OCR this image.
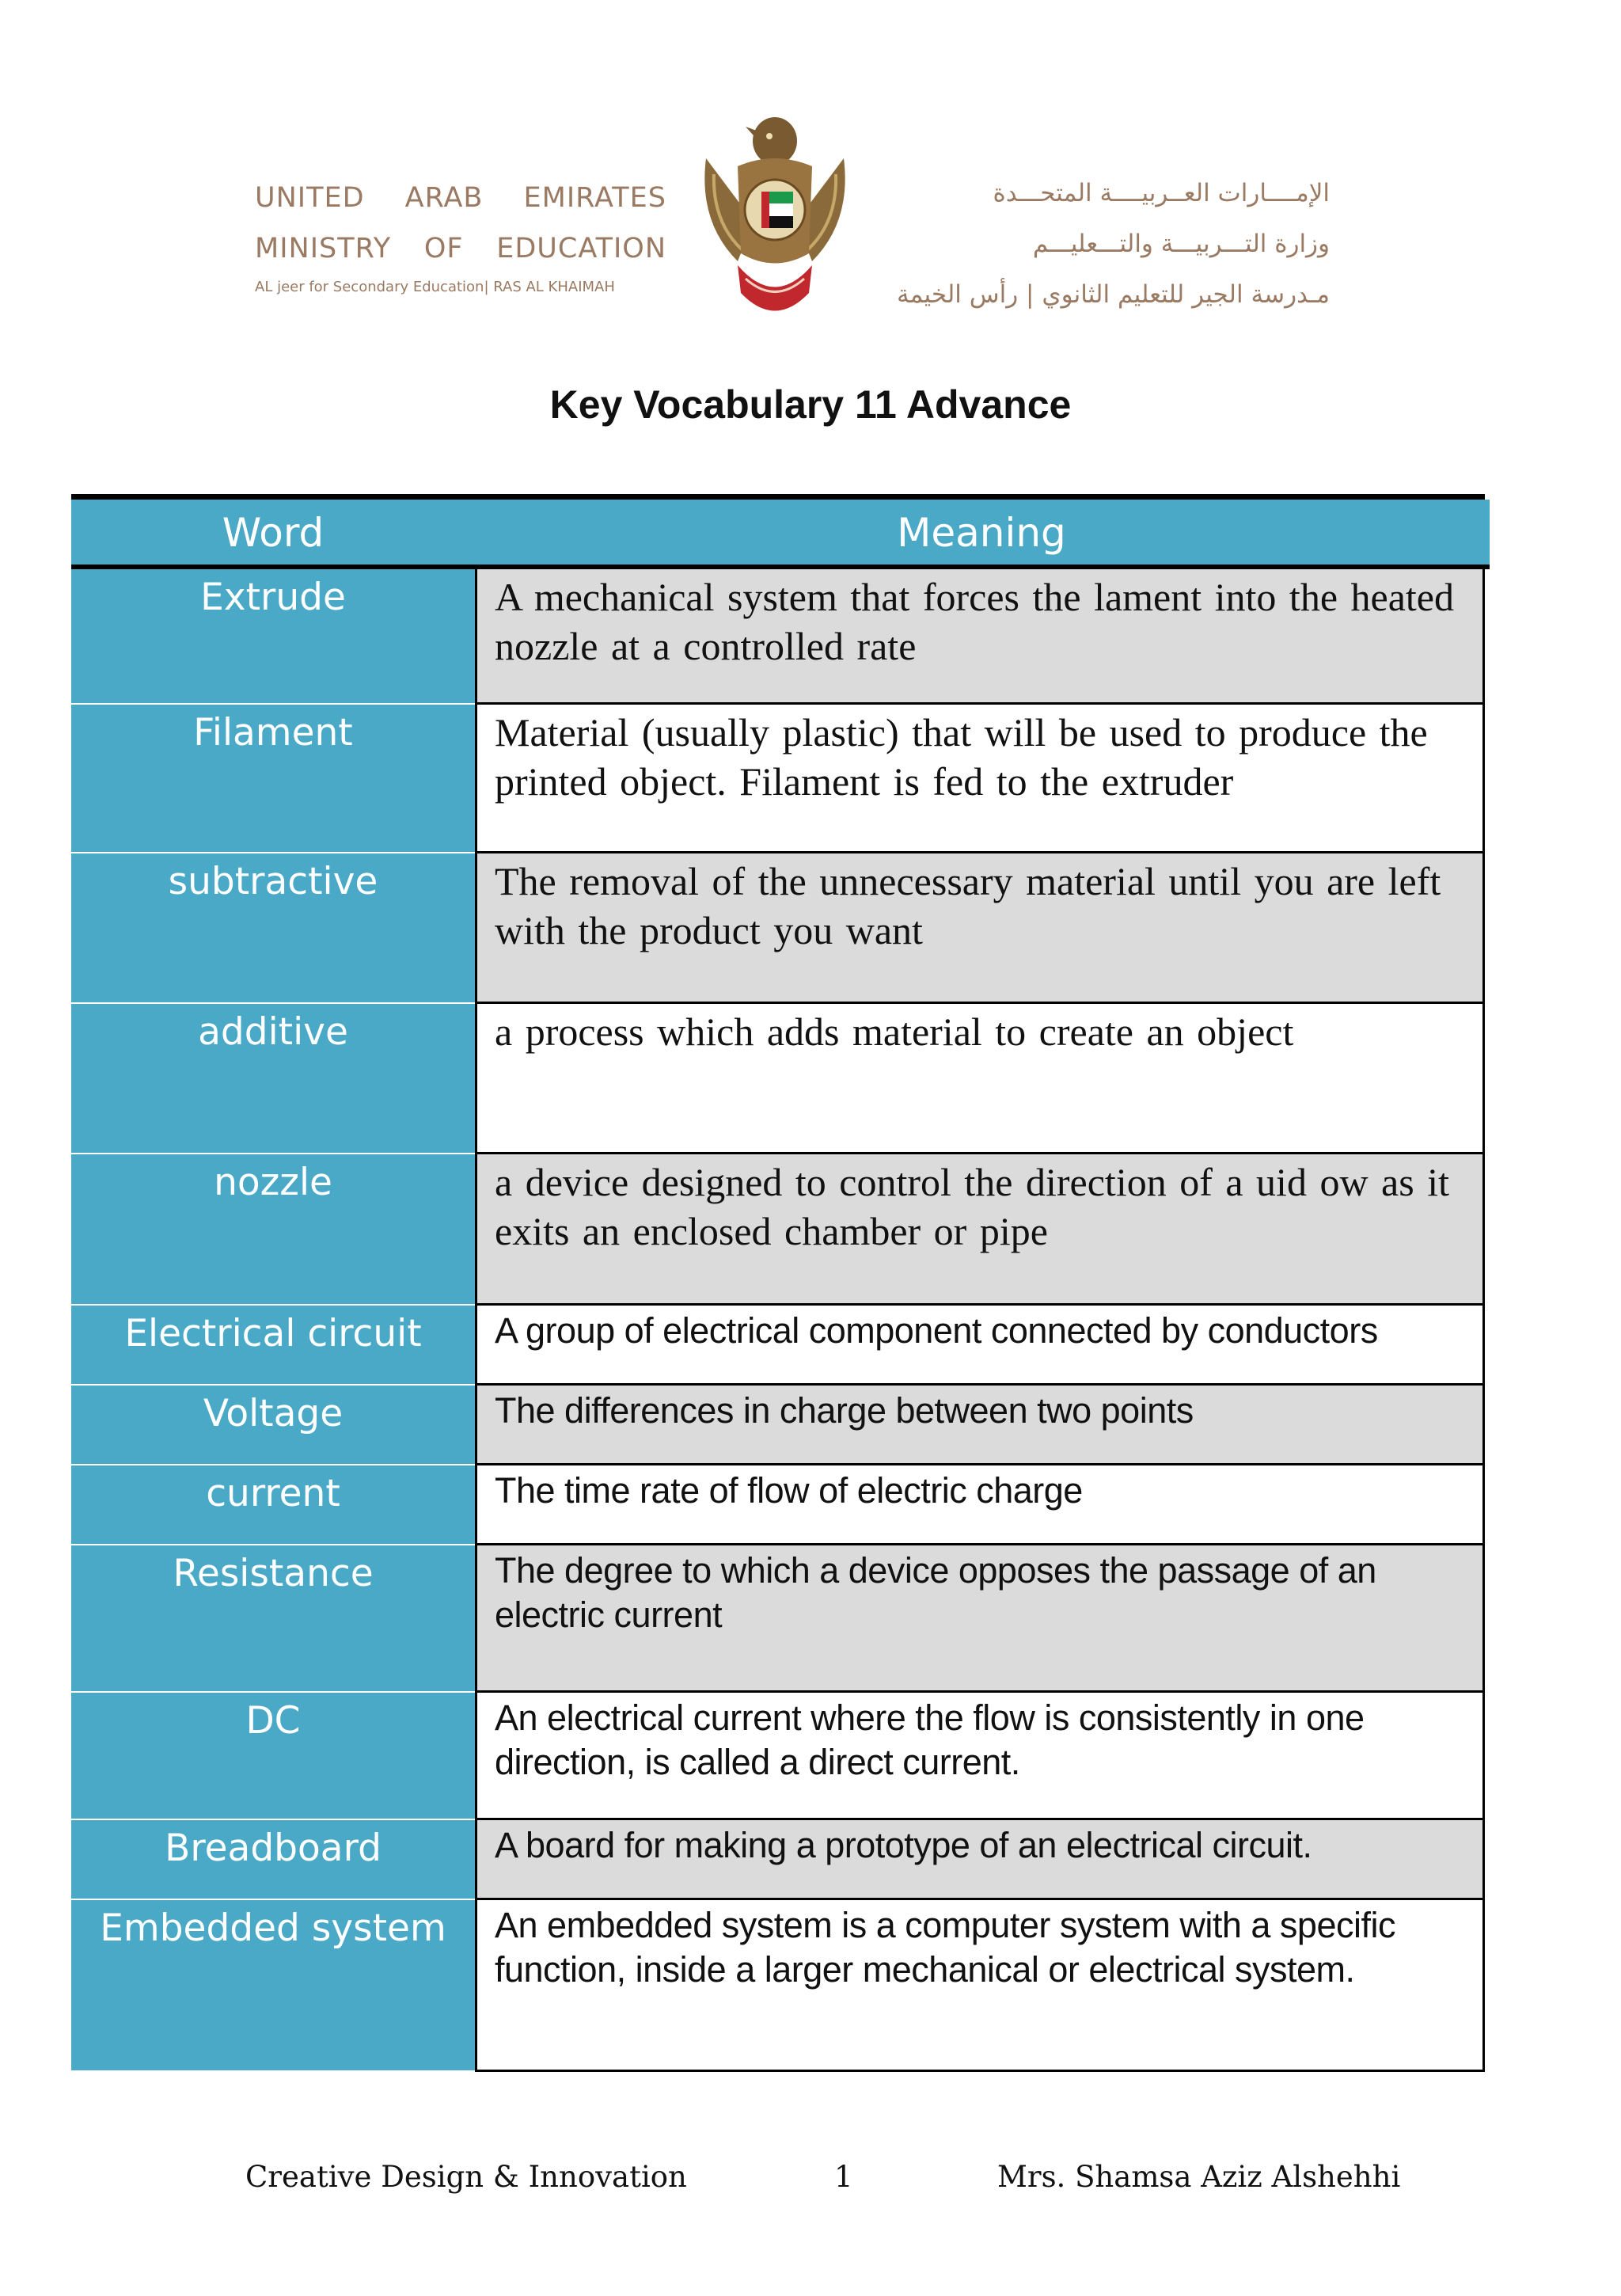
UNITED ARAB EMIRATES
MINISTRY OF EDUCATION
AL jeer for Secondary Education| RAS AL KHAIMAH
الإمــــارات العــربيــــة المتحـــدة
وزارة التـــربيـــة والتـــعليـــم
مـدرسة الجير للتعليم الثانوي | رأس الخيمة
Key Vocabulary 11 Advance
Word	Meaning
Extrude	A mechanical system that forces the lament into the heated nozzle at a controlled rate
Filament	Material (usually plastic) that will be used to produce the printed object. Filament is fed to the extruder
subtractive	The removal of the unnecessary material until you are left with the product you want
additive	a process which adds material to create an object
nozzle	a device designed to control the direction of a uid ow as it exits an enclosed chamber or pipe
Electrical circuit	A group of electrical component connected by conductors
Voltage	The differences in charge between two points
current	The time rate of flow of electric charge
Resistance	The degree to which a device opposes the passage of an electric current
DC	An electrical current where the flow is consistently in one direction, is called a direct current.
Breadboard	A board for making a prototype of an electrical circuit.
Embedded system	An embedded system is a computer system with a specific function, inside a larger mechanical or electrical system.
Creative Design & Innovation	1	Mrs. Shamsa Aziz Alshehhi
